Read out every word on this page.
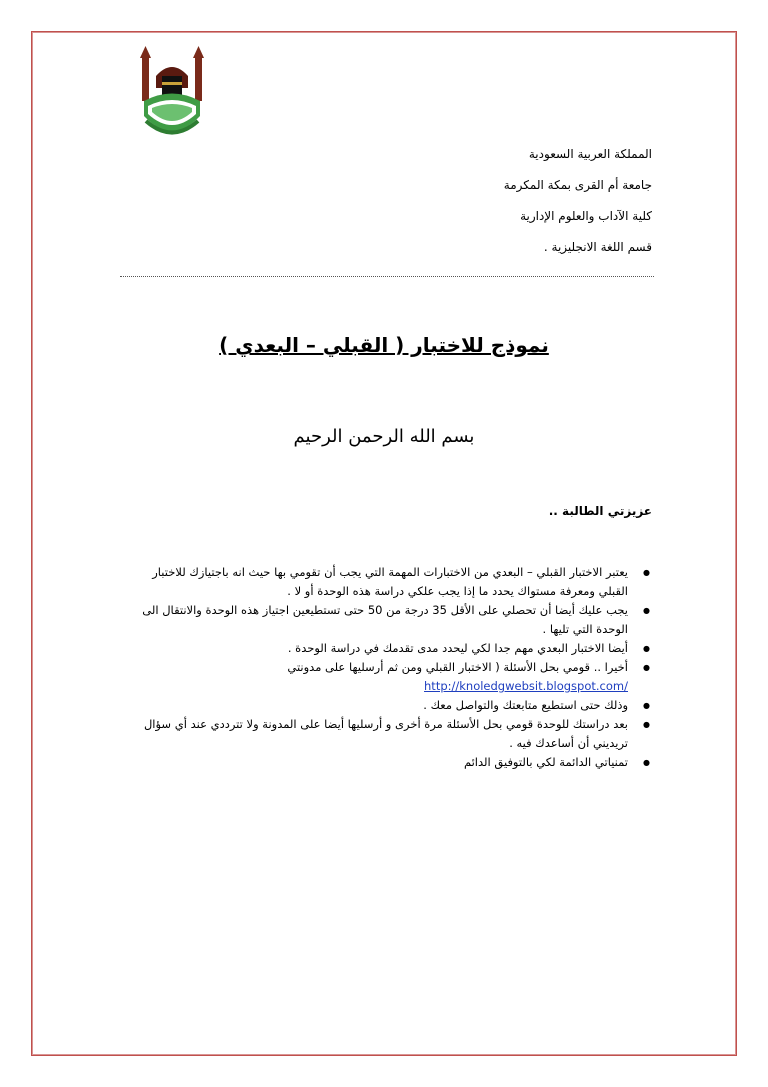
المملكة العربية السعودية
جامعة أم القرى بمكة المكرمة
كلية الآداب والعلوم الإدارية
قسم اللغة الانجليزية .
نموذج للاختبار ( القبلي – البعدي )
بسم الله الرحمن الرحيم
عزيزتي الطالبة ..
● يعتبر الاختبار القبلي – البعدي من الاختبارات المهمة التي يجب أن تقومي بها حيث انه باجتيازك للاختبار القبلي ومعرفة مستواك يحدد ما إذا يجب علكي دراسة هذه الوحدة أو لا .
● يجب عليك أيضا أن تحصلي على الأقل 35 درجة من 50 حتى تستطيعين اجتياز هذه الوحدة والانتقال الى الوحدة التي تليها .
● أيضا الاختبار البعدي مهم جدا لكي ليحدد مدى تقدمك في دراسة الوحدة .
● أخيرا .. قومي بحل الأسئلة ( الاختبار القبلي ومن ثم أرسليها على مدونتي
http://knoledgwebsit.blogspot.com/
● وذلك حتى استطيع متابعتك والتواصل معك .
● بعد دراستك للوحدة قومي بحل الأسئلة مرة أخرى و أرسليها أيضا على المدونة ولا تترددي عند أي سؤال تريديني أن أساعدك فيه .
● تمنياتي الدائمة لكي بالتوفيق الدائم
